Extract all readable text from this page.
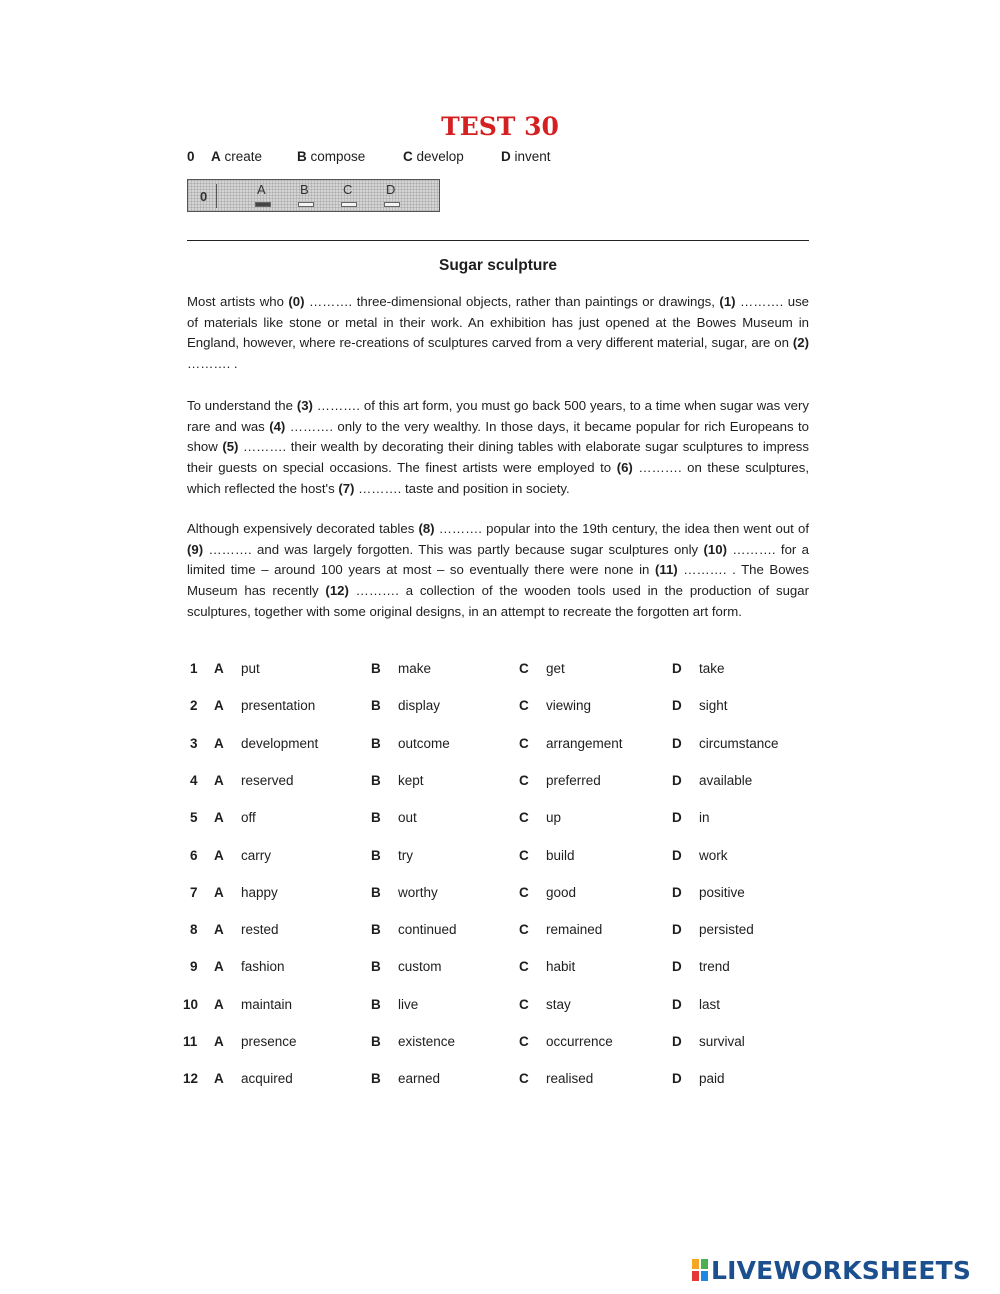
TEST 30
0 A create	B compose	C develop	D invent
0	A	B	C	D
Sugar sculpture

Most artists who (0) ………. three-dimensional objects, rather than paintings or drawings, (1) ………. use of materials like stone or metal in their work. An exhibition has just opened at the Bowes Museum in England, however, where re-creations of sculptures carved from a very different material, sugar, are on (2) ………. .

To understand the (3) ………. of this art form, you must go back 500 years, to a time when sugar was very rare and was (4) ………. only to the very wealthy. In those days, it became popular for rich Europeans to show (5) ………. their wealth by decorating their dining tables with elaborate sugar sculptures to impress their guests on special occasions. The finest artists were employed to (6) ………. on these sculptures, which reflected the host's (7) ………. taste and position in society.

Although expensively decorated tables (8) ………. popular into the 19th century, the idea then went out of (9) ………. and was largely forgotten. This was partly because sugar sculptures only (10) ………. for a limited time – around 100 years at most – so eventually there were none in (11) ………. . The Bowes Museum has recently (12) ………. a collection of the wooden tools used in the production of sugar sculptures, together with some original designs, in an attempt to recreate the forgotten art form.

1 A put	B make	C get	D take
2 A presentation	B display	C viewing	D sight
3 A development	B outcome	C arrangement	D circumstance
4 A reserved	B kept	C preferred	D available
5 A off	B out	C up	D in
6 A carry	B try	C build	D work
7 A happy	B worthy	C good	D positive
8 A rested	B continued	C remained	D persisted
9 A fashion	B custom	C habit	D trend
10 A maintain	B live	C stay	D last
11 A presence	B existence	C occurrence	D survival
12 A acquired	B earned	C realised	D paid
LIVEWORKSHEETS
